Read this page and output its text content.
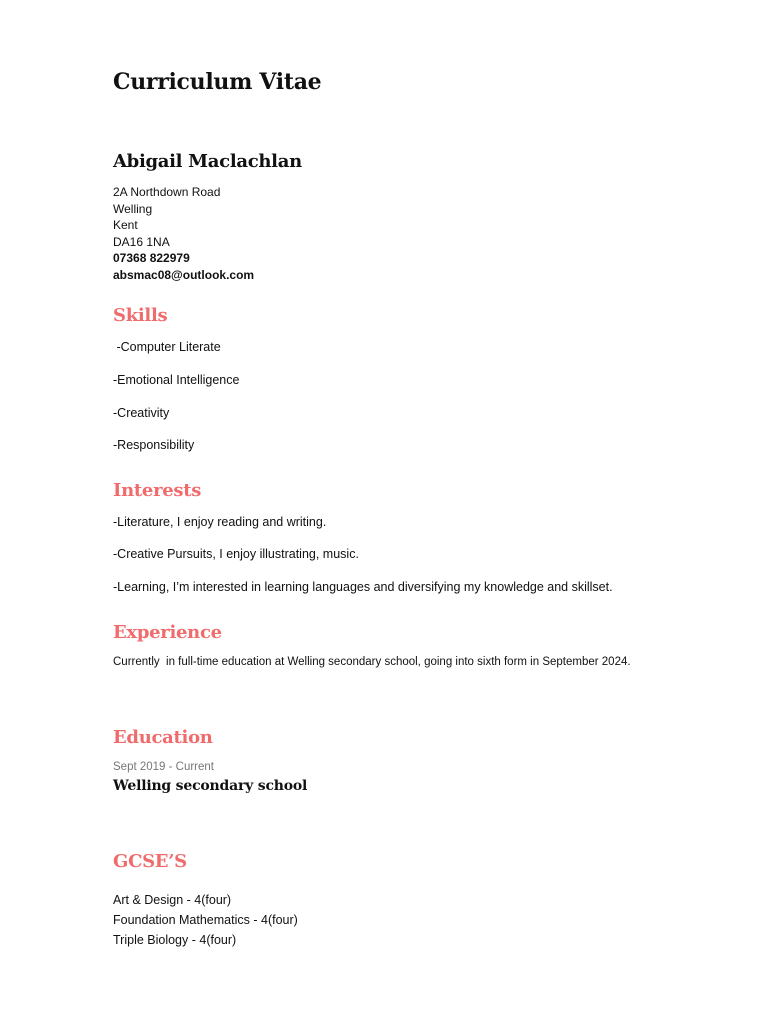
Curriculum Vitae
Abigail Maclachlan
2A Northdown Road
Welling
Kent
DA16 1NA
07368 822979
absmac08@outlook.com
Skills
-Computer Literate
-Emotional Intelligence
-Creativity
-Responsibility
Interests
-Literature, I enjoy reading and writing.
-Creative Pursuits, I enjoy illustrating, music.
-Learning, I’m interested in learning languages and diversifying my knowledge and skillset.
Experience
Currently  in full-time education at Welling secondary school, going into sixth form in September 2024.
Education
Sept 2019 - Current
Welling secondary school
GCSE’S
Art & Design - 4(four)
Foundation Mathematics - 4(four)
Triple Biology - 4(four)
